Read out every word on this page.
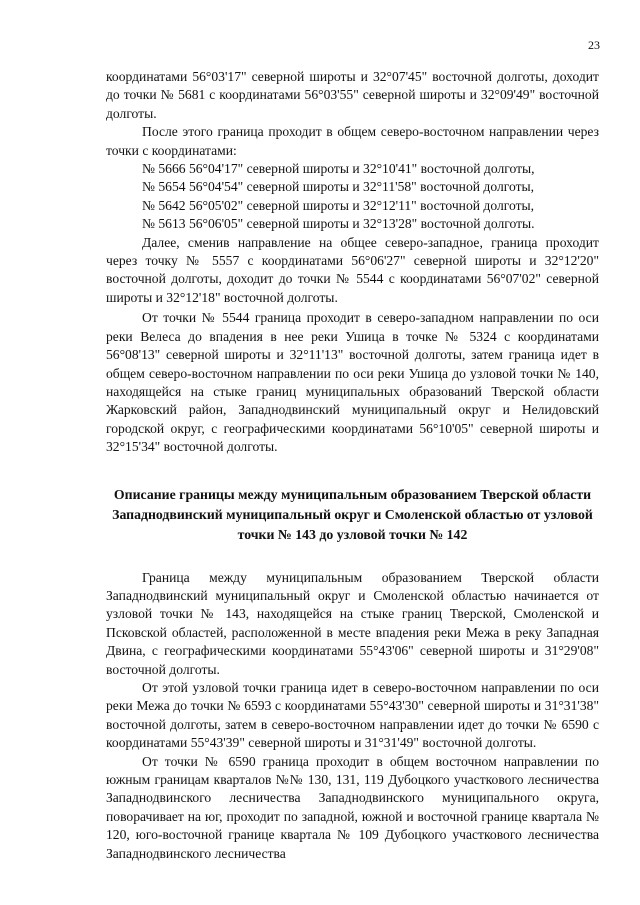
23

координатами 56°03'17" северной широты и 32°07'45" восточной долготы, доходит до точки № 5681 с координатами 56°03'55" северной широты и 32°09'49" восточной долготы.

После этого граница проходит в общем северо-восточном направлении через точки с координатами:

№ 5666 56°04'17" северной широты и 32°10'41" восточной долготы,

№ 5654 56°04'54" северной широты и 32°11'58" восточной долготы,

№ 5642 56°05'02" северной широты и 32°12'11" восточной долготы,

№ 5613 56°06'05" северной широты и 32°13'28" восточной долготы.

Далее, сменив направление на общее северо-западное, граница проходит через точку № 5557 с координатами 56°06'27" северной широты и 32°12'20" восточной долготы, доходит до точки № 5544 с координатами 56°07'02" северной широты и 32°12'18" восточной долготы.

От точки № 5544 граница проходит в северо-западном направлении по оси реки Велеса до впадения в нее реки Ушица в точке № 5324 с координатами 56°08'13" северной широты и 32°11'13" восточной долготы, затем граница идет в общем северо-восточном направлении по оси реки Ушица до узловой точки № 140, находящейся на стыке границ муниципальных образований Тверской области Жарковский район, Западнодвинский муниципальный округ и Нелидовский городской округ, с географическими координатами 56°10'05" северной широты и 32°15'34" восточной долготы.

Описание границы между муниципальным образованием Тверской области Западнодвинский муниципальный округ и Смоленской областью от узловой точки № 143 до узловой точки № 142

Граница между муниципальным образованием Тверской области Западнодвинский муниципальный округ и Смоленской областью начинается от узловой точки № 143, находящейся на стыке границ Тверской, Смоленской и Псковской областей, расположенной в месте впадения реки Межа в реку Западная Двина, с географическими координатами 55°43'06" северной широты и 31°29'08" восточной долготы.

От этой узловой точки граница идет в северо-восточном направлении по оси реки Межа до точки № 6593 с координатами 55°43'30" северной широты и 31°31'38" восточной долготы, затем в северо-восточном направлении идет до точки № 6590 с координатами 55°43'39" северной широты и 31°31'49" восточной долготы.

От точки № 6590 граница проходит в общем восточном направлении по южным границам кварталов №№ 130, 131, 119 Дубоцкого участкового лесничества Западнодвинского лесничества Западнодвинского муниципального округа, поворачивает на юг, проходит по западной, южной и восточной границе квартала № 120, юго-восточной границе квартала № 109 Дубоцкого участкового лесничества Западнодвинского лесничества
